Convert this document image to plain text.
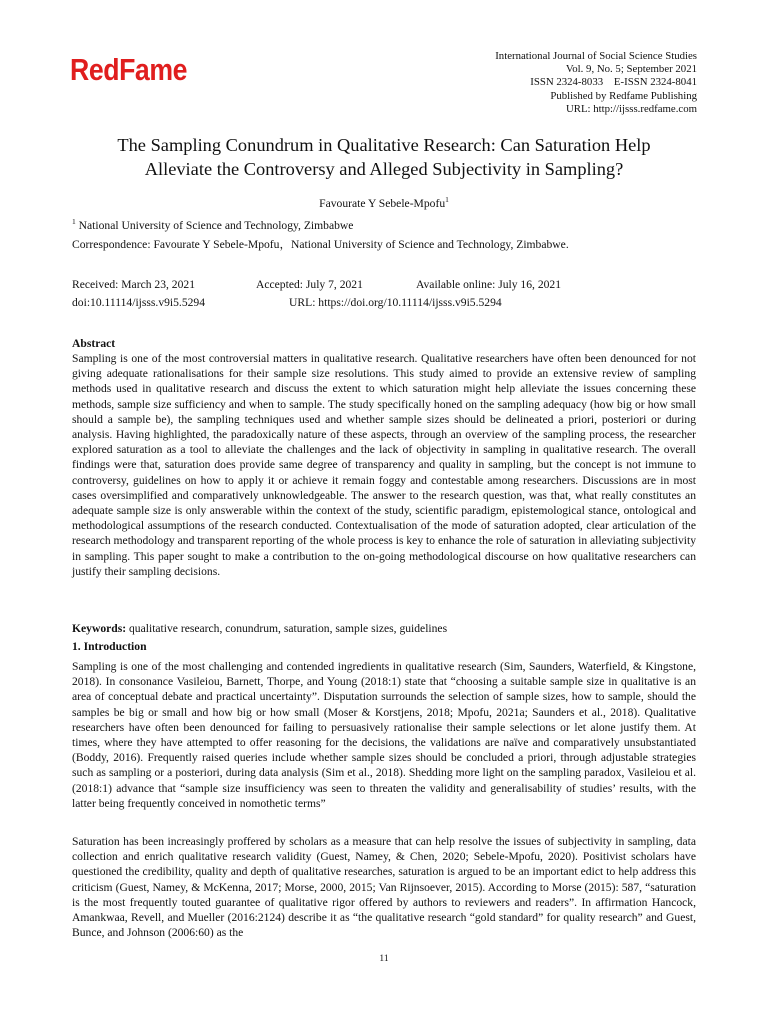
RedFame	International Journal of Social Science Studies
Vol. 9, No. 5; September 2021
ISSN 2324-8033    E-ISSN 2324-8041
Published by Redfame Publishing
URL: http://ijsss.redfame.com
The Sampling Conundrum in Qualitative Research: Can Saturation Help
Alleviate the Controversy and Alleged Subjectivity in Sampling?
Favourate Y Sebele-Mpofu$^1$
$^1$ National University of Science and Technology, Zimbabwe
Correspondence: Favourate Y Sebele-Mpofu，National University of Science and Technology, Zimbabwe.
Received: March 23, 2021	Accepted: July 7, 2021	Available online: July 16, 2021
doi:10.11114/ijsss.v9i5.5294	URL: https://doi.org/10.11114/ijsss.v9i5.5294
Abstract
Sampling is one of the most controversial matters in qualitative research. Qualitative researchers have often been denounced for not giving adequate rationalisations for their sample size resolutions. This study aimed to provide an extensive review of sampling methods used in qualitative research and discuss the extent to which saturation might help alleviate the issues concerning these methods, sample size sufficiency and when to sample. The study specifically honed on the sampling adequacy (how big or how small should a sample be), the sampling techniques used and whether sample sizes should be delineated a priori, posteriori or during analysis. Having highlighted, the paradoxically nature of these aspects, through an overview of the sampling process, the researcher explored saturation as a tool to alleviate the challenges and the lack of objectivity in sampling in qualitative research. The overall findings were that, saturation does provide same degree of transparency and quality in sampling, but the concept is not immune to controversy, guidelines on how to apply it or achieve it remain foggy and contestable among researchers. Discussions are in most cases oversimplified and comparatively unknowledgeable. The answer to the research question, was that, what really constitutes an adequate sample size is only answerable within the context of the study, scientific paradigm, epistemological stance, ontological and methodological assumptions of the research conducted. Contextualisation of the mode of saturation adopted, clear articulation of the research methodology and transparent reporting of the whole process is key to enhance the role of saturation in alleviating subjectivity in sampling. This paper sought to make a contribution to the on-going methodological discourse on how qualitative researchers can justify their sampling decisions.
Keywords: qualitative research, conundrum, saturation, sample sizes, guidelines
1. Introduction
Sampling is one of the most challenging and contended ingredients in qualitative research (Sim, Saunders, Waterfield, & Kingstone, 2018). In consonance Vasileiou, Barnett, Thorpe, and Young (2018:1) state that “choosing a suitable sample size in qualitative is an area of conceptual debate and practical uncertainty”. Disputation surrounds the selection of sample sizes, how to sample, should the samples be big or small and how big or how small (Moser & Korstjens, 2018; Mpofu, 2021a; Saunders et al., 2018). Qualitative researchers have often been denounced for failing to persuasively rationalise their sample selections or let alone justify them. At times, where they have attempted to offer reasoning for the decisions, the validations are naïve and comparatively unsubstantiated (Boddy, 2016). Frequently raised queries include whether sample sizes should be concluded a priori, through adjustable strategies such as sampling or a posteriori, during data analysis (Sim et al., 2018). Shedding more light on the sampling paradox, Vasileiou et al. (2018:1) advance that “sample size insufficiency was seen to threaten the validity and generalisability of studies’ results, with the latter being frequently conceived in nomothetic terms”
Saturation has been increasingly proffered by scholars as a measure that can help resolve the issues of subjectivity in sampling, data collection and enrich qualitative research validity (Guest, Namey, & Chen, 2020; Sebele-Mpofu, 2020). Positivist scholars have questioned the credibility, quality and depth of qualitative researches, saturation is argued to be an important edict to help address this criticism (Guest, Namey, & McKenna, 2017; Morse, 2000, 2015; Van Rijnsoever, 2015). According to Morse (2015): 587, “saturation is the most frequently touted guarantee of qualitative rigor offered by authors to reviewers and readers”. In affirmation Hancock, Amankwaa, Revell, and Mueller (2016:2124) describe it as “the qualitative research “gold standard” for quality research” and Guest, Bunce, and Johnson (2006:60) as the
11
